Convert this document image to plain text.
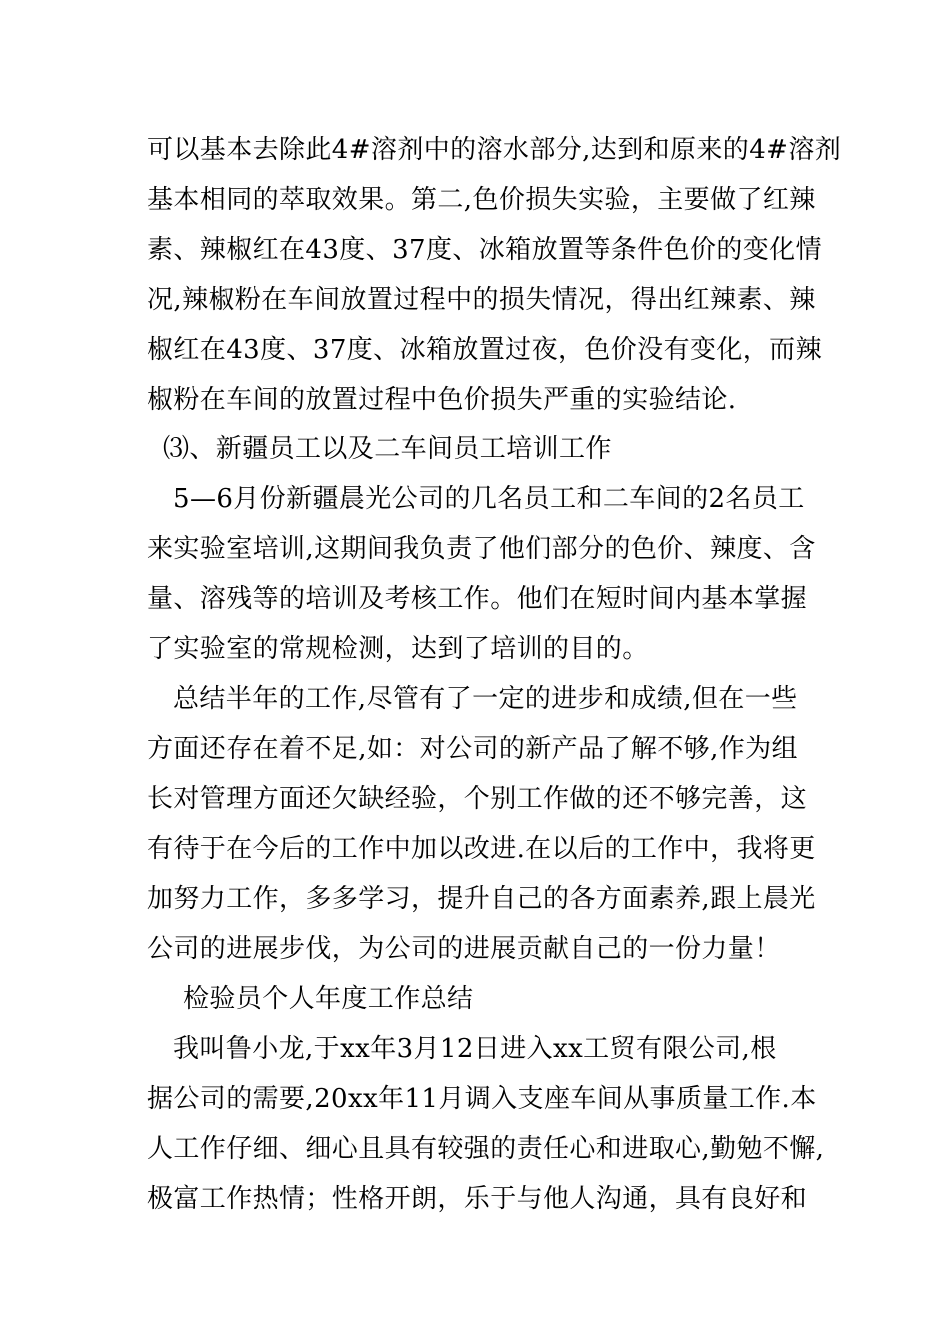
可以基本去除此4#溶剂中的溶水部分,达到和原来的4#溶剂
基本相同的萃取效果。第二,色价损失实验，主要做了红辣
素、辣椒红在43度、37度、冰箱放置等条件色价的变化情
况,辣椒粉在车间放置过程中的损失情况，得出红辣素、辣
椒红在43度、37度、冰箱放置过夜，色价没有变化，而辣
椒粉在车间的放置过程中色价损失严重的实验结论.
⑶、新疆员工以及二车间员工培训工作
5—6月份新疆晨光公司的几名员工和二车间的2名员工
来实验室培训,这期间我负责了他们部分的色价、辣度、含
量、溶残等的培训及考核工作。他们在短时间内基本掌握
了实验室的常规检测，达到了培训的目的。
总结半年的工作,尽管有了一定的进步和成绩,但在一些
方面还存在着不足,如：对公司的新产品了解不够,作为组
长对管理方面还欠缺经验，个别工作做的还不够完善，这
有待于在今后的工作中加以改进.在以后的工作中，我将更
加努力工作，多多学习，提升自己的各方面素养,跟上晨光
公司的进展步伐，为公司的进展贡献自己的一份力量！
检验员个人年度工作总结
我叫鲁小龙,于xx年3月12日进入xx工贸有限公司,根
据公司的需要,20xx年11月调入支座车间从事质量工作.本
人工作仔细、细心且具有较强的责任心和进取心,勤勉不懈,
极富工作热情；性格开朗，乐于与他人沟通，具有良好和
